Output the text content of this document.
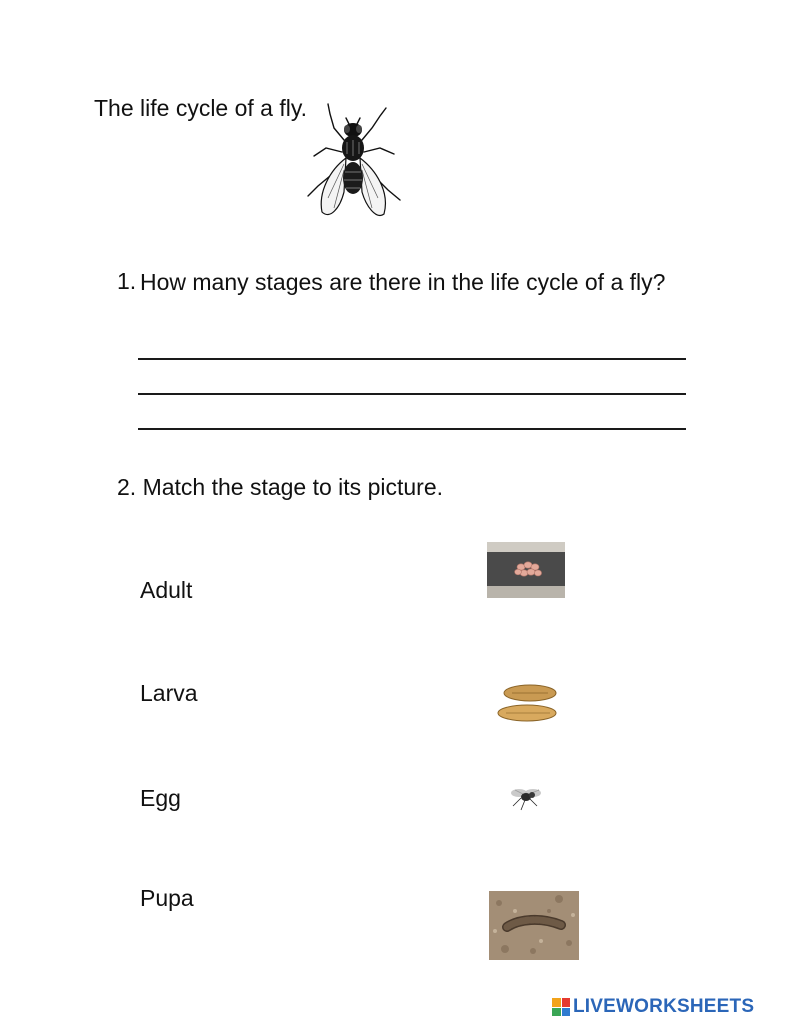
The life cycle of a fly.
1. How many stages are there in the life cycle of a fly?
2. Match the stage to its picture.
Adult
Larva
Egg
Pupa
LIVEWORKSHEETS
